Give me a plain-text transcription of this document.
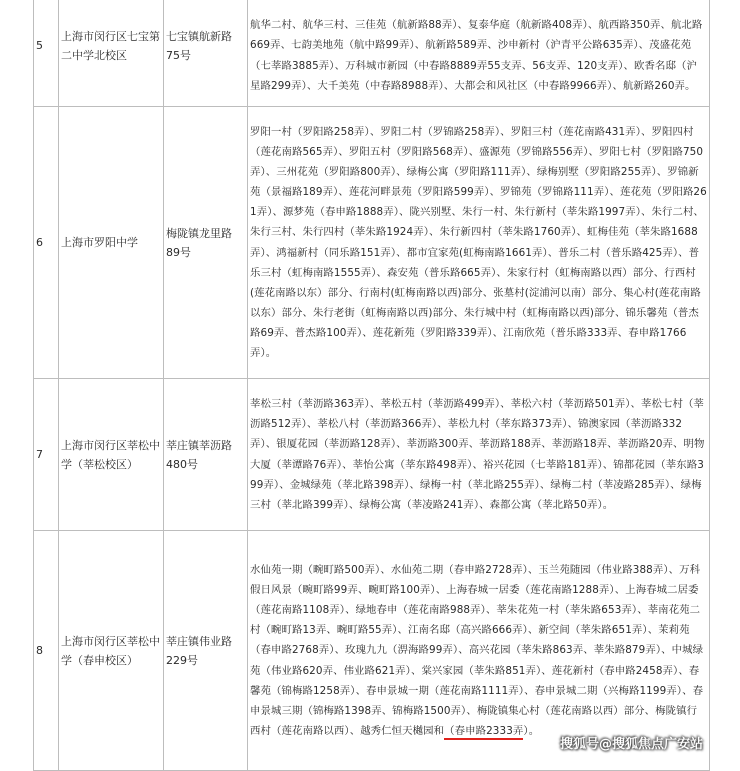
5	上海市闵行区七宝第二中学北校区	七宝镇航新路75号	航华二村、航华三村、三佳苑（航新路88弄）、复泰华庭（航新路408弄）、航西路350弄、航北路669弄、七韵美地苑（航中路99弄）、航新路589弄、沙申新村（沪青平公路635弄）、茂盛花苑（七莘路3885弄）、万科城市新园（中春路8889弄55支弄、56支弄、120支弄）、欧香名邸（沪星路299弄）、大千美苑（中春路8988弄）、大都会和风社区（中春路9966弄）、航新路260弄。
6	上海市罗阳中学	梅陇镇龙里路89号	罗阳一村（罗阳路258弄）、罗阳二村（罗锦路258弄）、罗阳三村（莲花南路431弄）、罗阳四村（莲花南路565弄）、罗阳五村（罗阳路568弄）、盛源苑（罗锦路556弄）、罗阳七村（罗阳路750弄）、三州花苑（罗阳路800弄）、绿梅公寓（罗阳路111弄）、绿梅别墅（罗阳路255弄）、罗锦新苑（景福路189弄）、莲花河畔景苑（罗阳路599弄）、罗锦苑（罗锦路111弄）、莲花苑（罗阳路261弄）、源梦苑（春申路1888弄）、陇兴别墅、朱行一村、朱行新村（莘朱路1997弄）、朱行二村、朱行三村、朱行四村（莘朱路1924弄）、朱行新四村（莘朱路1760弄）、虹梅佳苑（莘朱路1688弄）、鸿福新村（同乐路151弄）、都市宜家苑(虹梅南路1661弄）、普乐二村（普乐路425弄）、普乐三村（虹梅南路1555弄）、森安苑（普乐路665弄）、朱家行村（虹梅南路以西）部分、行西村(莲花南路以东）部分、行南村(虹梅南路以西)部分、张墓村(淀浦河以南）部分、集心村(莲花南路以东）部分、朱行老街（虹梅南路以西)部分、朱行城中村（虹梅南路以西)部分、锦乐馨苑（普杰路69弄、普杰路100弄）、莲花新苑（罗阳路339弄）、江南欣苑（普乐路333弄、春申路1766弄）。
7	上海市闵行区莘松中学（莘松校区）	莘庄镇莘沥路480号	莘松三村（莘沥路363弄）、莘松五村（莘沥路499弄）、莘松六村（莘沥路501弄）、莘松七村（莘沥路512弄）、莘松八村（莘沥路366弄）、莘松九村（莘东路373弄）、锦澳家园（莘沥路332弄）、银厦花园（莘沥路128弄）、莘沥路300弄、莘沥路188弄、莘沥路18弄、莘沥路20弄、明物大厦（莘谭路76弄）、莘怡公寓（莘东路498弄）、裕兴花园（七莘路181弄）、锦都花园（莘东路399弄）、金城绿苑（莘北路398弄）、绿梅一村（莘北路255弄）、绿梅二村（莘凌路285弄）、绿梅三村（莘北路399弄）、绿梅公寓（莘凌路241弄）、森都公寓（莘北路50弄）。
8	上海市闵行区莘松中学（春申校区）	莘庄镇伟业路229号	水仙苑一期（畹町路500弄）、水仙苑二期（春申路2728弄）、玉兰苑随园（伟业路388弄）、万科假日风景（畹町路99弄、畹町路100弄）、上海春城一居委（莲花南路1288弄）、上海春城二居委（莲花南路1108弄）、绿地春申（莲花南路988弄）、莘朱花苑一村（莘朱路653弄）、莘南花苑二村（畹町路13弄、畹町路55弄）、江南名邸（高兴路666弄）、新空间（莘朱路651弄）、茉莉苑（春申路2768弄）、玫瑰九九（淠海路99弄）、高兴花园（莘朱路863弄、莘朱路879弄）、中城绿苑（伟业路620弄、伟业路621弄）、棠兴家园（莘朱路851弄）、莲花新村（春申路2458弄）、春馨苑（锦梅路1258弄）、春申景城一期（莲花南路1111弄）、春申景城二期（兴梅路1199弄）、春申景城三期（锦梅路1398弄、锦梅路1500弄）、梅陇镇集心村（莲花南路以西）部分、梅陇镇行西村（莲花南路以西）、越秀仁恒天樾园和（春申路2333弄）。
搜狐号@搜狐焦点广安站
